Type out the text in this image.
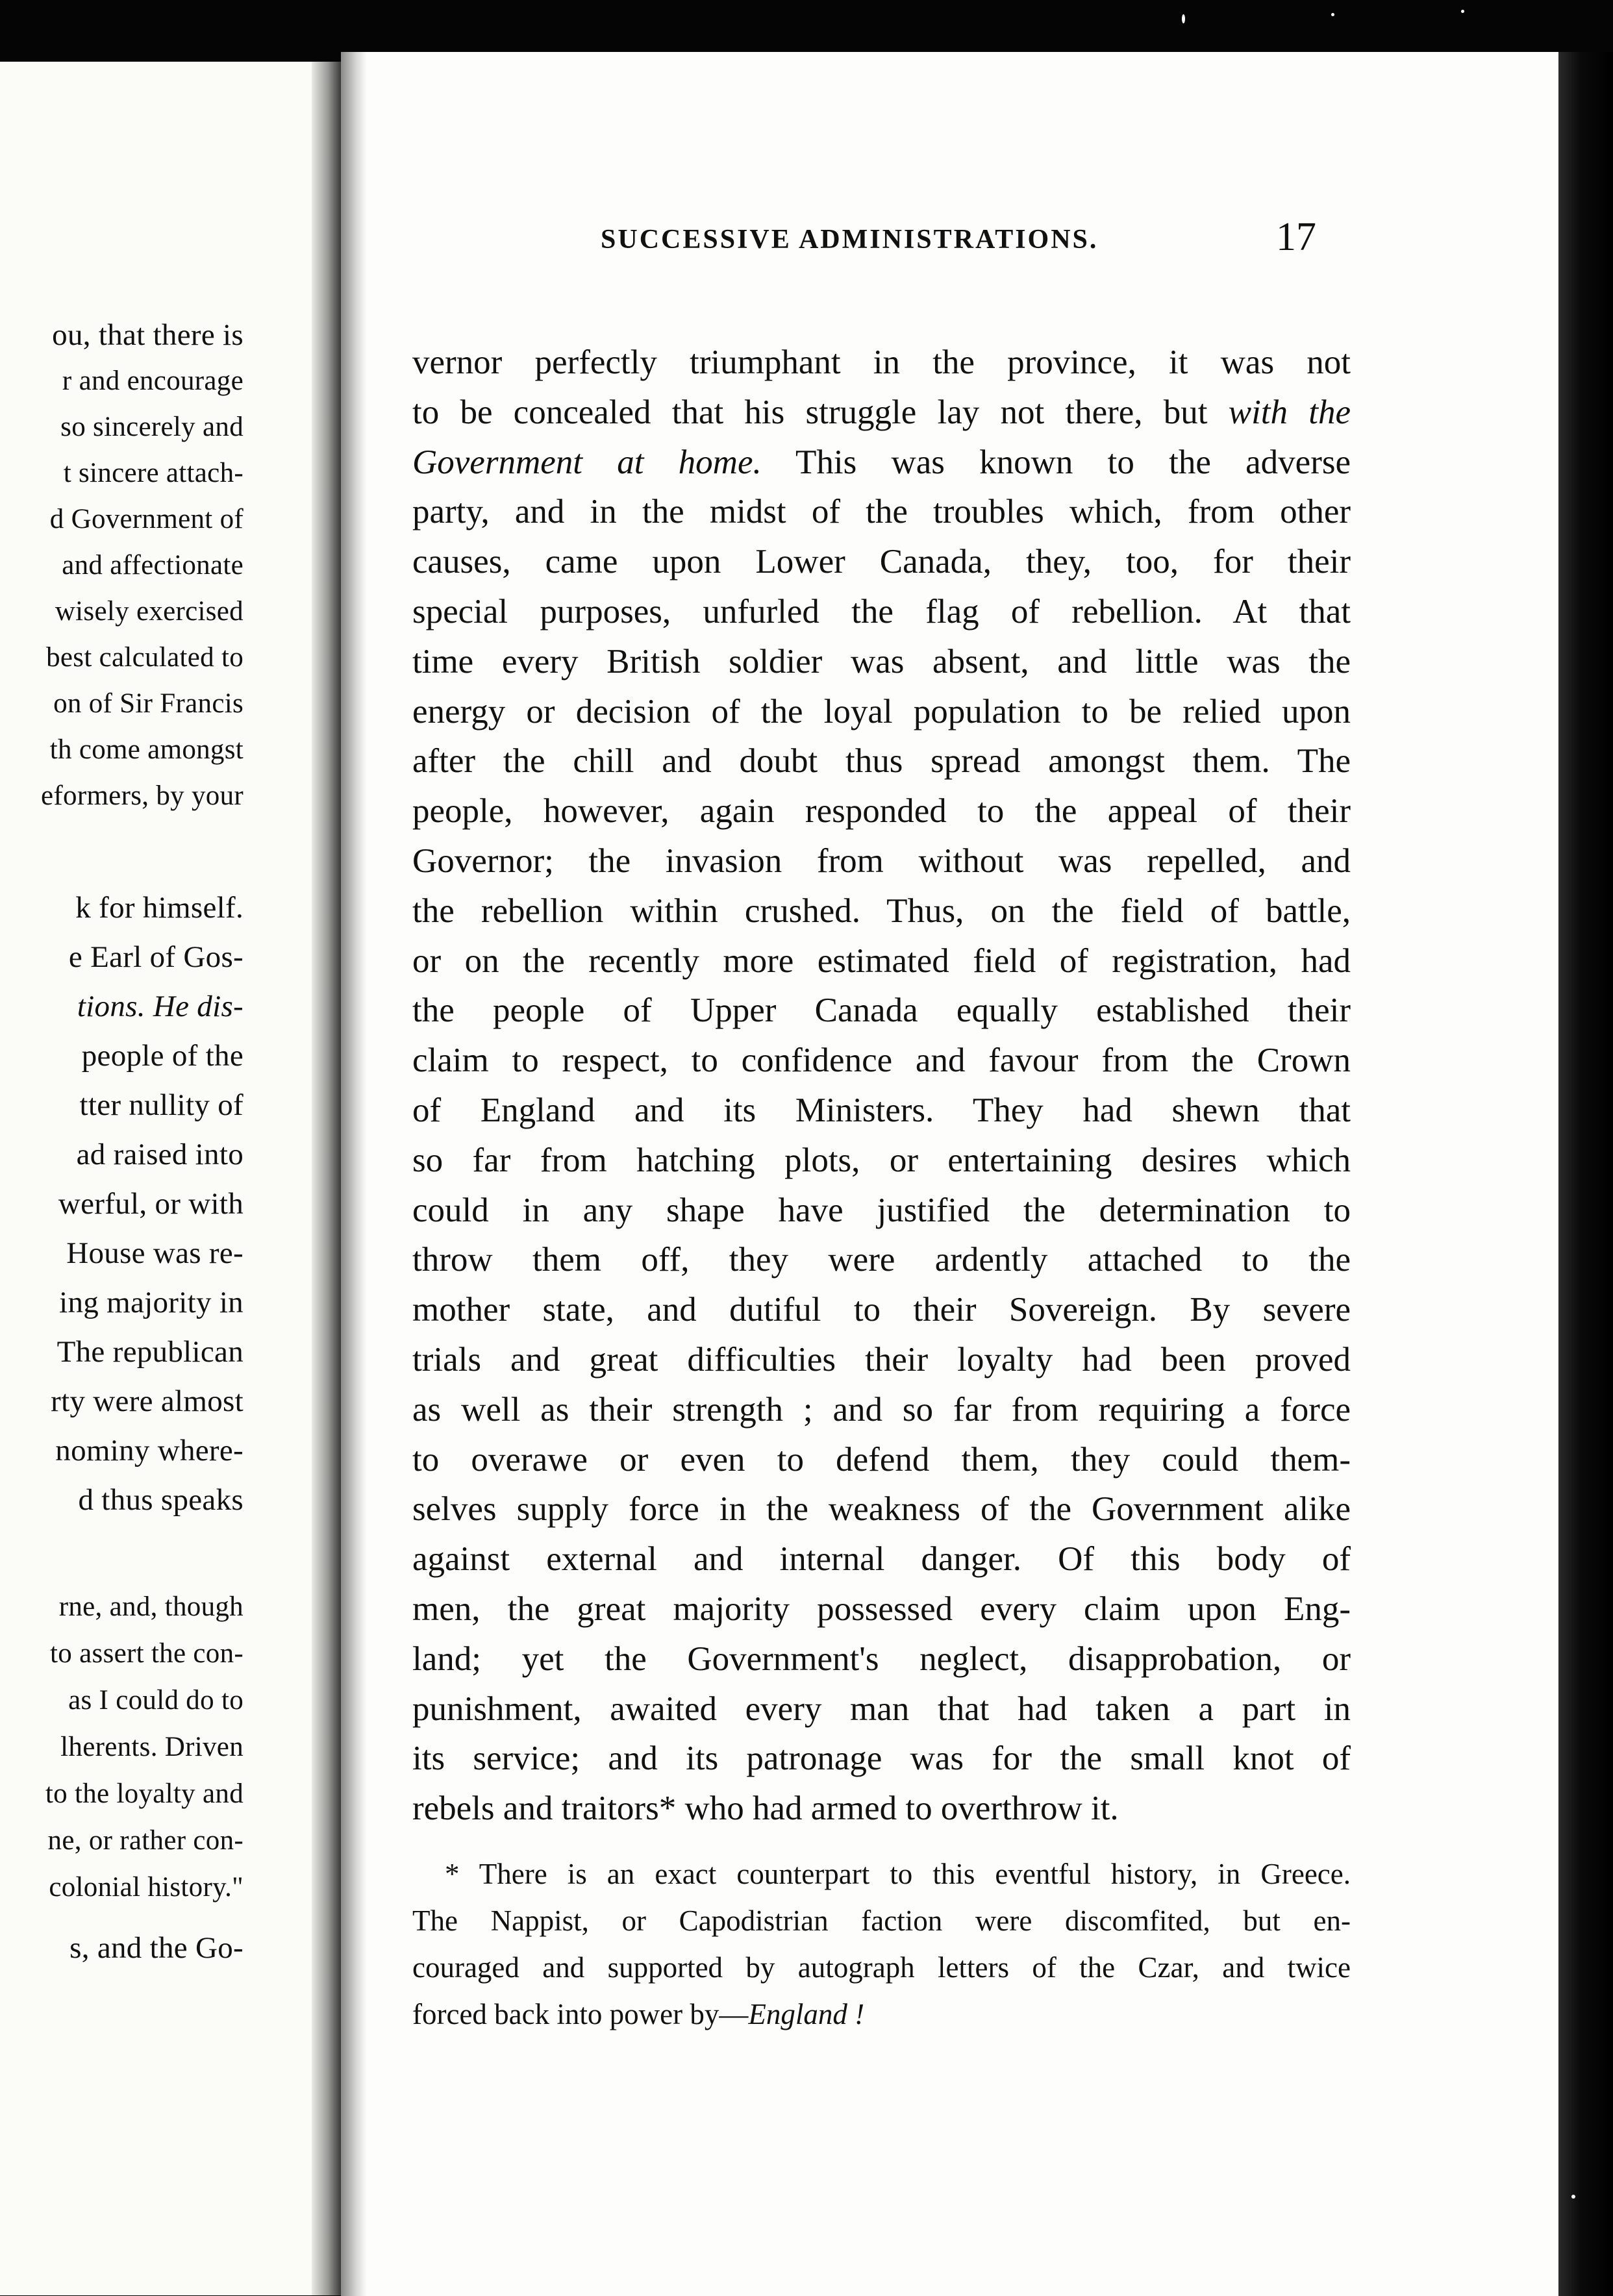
ou, that there is
r and encourage
so sincerely and
t sincere attach-
d Government of
and affectionate
wisely exercised
best calculated to
on of Sir Francis
th come amongst
eformers, by your
k for himself.
e Earl of Gos-
tions. He dis-
people of the
tter nullity of
ad raised into
werful, or with
House was re-
ing majority in
The republican
rty were almost
nominy where-
d thus speaks
rne, and, though
to assert the con-
as I could do to
lherents. Driven
to the loyalty and
ne, or rather con-
colonial history."
s, and the Go-
SUCCESSIVE ADMINISTRATIONS.	17
vernor perfectly triumphant in the province, it was not
to be concealed that his struggle lay not there, but with the
Government at home. This was known to the adverse
party, and in the midst of the troubles which, from other
causes, came upon Lower Canada, they, too, for their
special purposes, unfurled the flag of rebellion. At that
time every British soldier was absent, and little was the
energy or decision of the loyal population to be relied upon
after the chill and doubt thus spread amongst them. The
people, however, again responded to the appeal of their
Governor; the invasion from without was repelled, and
the rebellion within crushed. Thus, on the field of battle,
or on the recently more estimated field of registration, had
the people of Upper Canada equally established their
claim to respect, to confidence and favour from the Crown
of England and its Ministers. They had shewn that
so far from hatching plots, or entertaining desires which
could in any shape have justified the determination to
throw them off, they were ardently attached to the
mother state, and dutiful to their Sovereign. By severe
trials and great difficulties their loyalty had been proved
as well as their strength ; and so far from requiring a force
to overawe or even to defend them, they could them-
selves supply force in the weakness of the Government alike
against external and internal danger. Of this body of
men, the great majority possessed every claim upon Eng-
land; yet the Government's neglect, disapprobation, or
punishment, awaited every man that had taken a part in
its service; and its patronage was for the small knot of
rebels and traitors* who had armed to overthrow it.
* There is an exact counterpart to this eventful history, in Greece.
The Nappist, or Capodistrian faction were discomfited, but en-
couraged and supported by autograph letters of the Czar, and twice
forced back into power by—England !
